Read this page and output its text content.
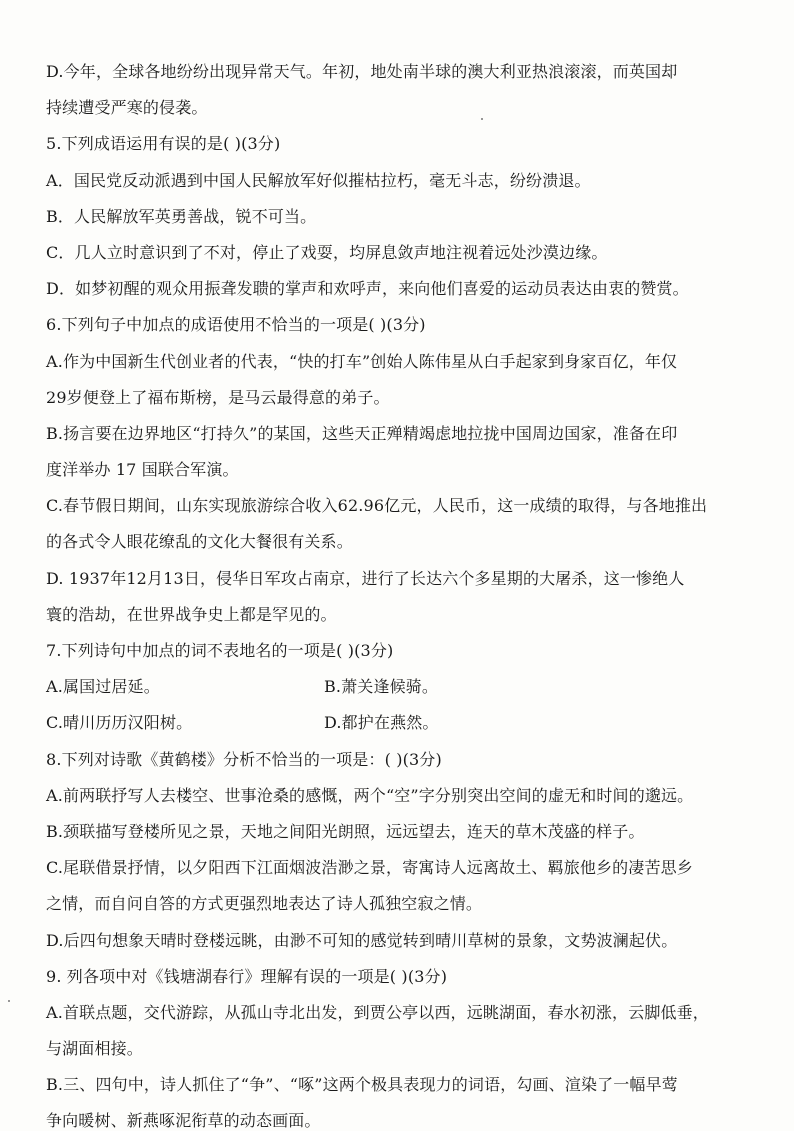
D.今年，全球各地纷纷出现异常天气。年初，地处南半球的澳大利亚热浪滚滚，而英国却
持续遭受严寒的侵袭。
5.下列成语运用有误的是( )(3分)
A．国民党反动派遇到中国人民解放军好似摧枯拉朽，毫无斗志，纷纷溃退。
B．人民解放军英勇善战，锐不可当。
C．几人立时意识到了不对，停止了戏耍，均屏息敛声地注视着远处沙漠边缘。
D．如梦初醒的观众用振聋发聩的掌声和欢呼声，来向他们喜爱的运动员表达由衷的赞赏。
6.下列句子中加点的成语使用不恰当的一项是( )(3分)
A.作为中国新生代创业者的代表，“快的打车”创始人陈伟星从白手起家到身家百亿，年仅
29岁便登上了福布斯榜，是马云最得意的弟子。
B.扬言要在边界地区“打持久”的某国，这些天正殚精竭虑地拉拢中国周边国家，准备在印
度洋举办 17 国联合军演。
C.春节假日期间，山东实现旅游综合收入62.96亿元，人民币，这一成绩的取得，与各地推出
的各式令人眼花缭乱的文化大餐很有关系。
D. 1937年12月13日，侵华日军攻占南京，进行了长达六个多星期的大屠杀，这一惨绝人
寰的浩劫，在世界战争史上都是罕见的。
7.下列诗句中加点的词不表地名的一项是( )(3分)
A.属国过居延。	B.萧关逢候骑。
C.晴川历历汉阳树。	D.都护在燕然。
8.下列对诗歌《黄鹤楼》分析不恰当的一项是：( )(3分)
A.前两联抒写人去楼空、世事沧桑的感慨，两个“空”字分别突出空间的虚无和时间的邈远。
B.颈联描写登楼所见之景，天地之间阳光朗照，远远望去，连天的草木茂盛的样子。
C.尾联借景抒情，以夕阳西下江面烟波浩渺之景，寄寓诗人远离故土、羁旅他乡的凄苦思乡
之情，而自问自答的方式更强烈地表达了诗人孤独空寂之情。
D.后四句想象天晴时登楼远眺，由渺不可知的感觉转到晴川草树的景象，文势波澜起伏。
9. 列各项中对《钱塘湖春行》理解有误的一项是( )(3分)
A.首联点题，交代游踪，从孤山寺北出发，到贾公亭以西，远眺湖面，春水初涨，云脚低垂，
与湖面相接。
B.三、四句中，诗人抓住了“争”、“啄”这两个极具表现力的词语，勾画、渲染了一幅早莺
争向暖树、新燕啄泥衔草的动态画面。
